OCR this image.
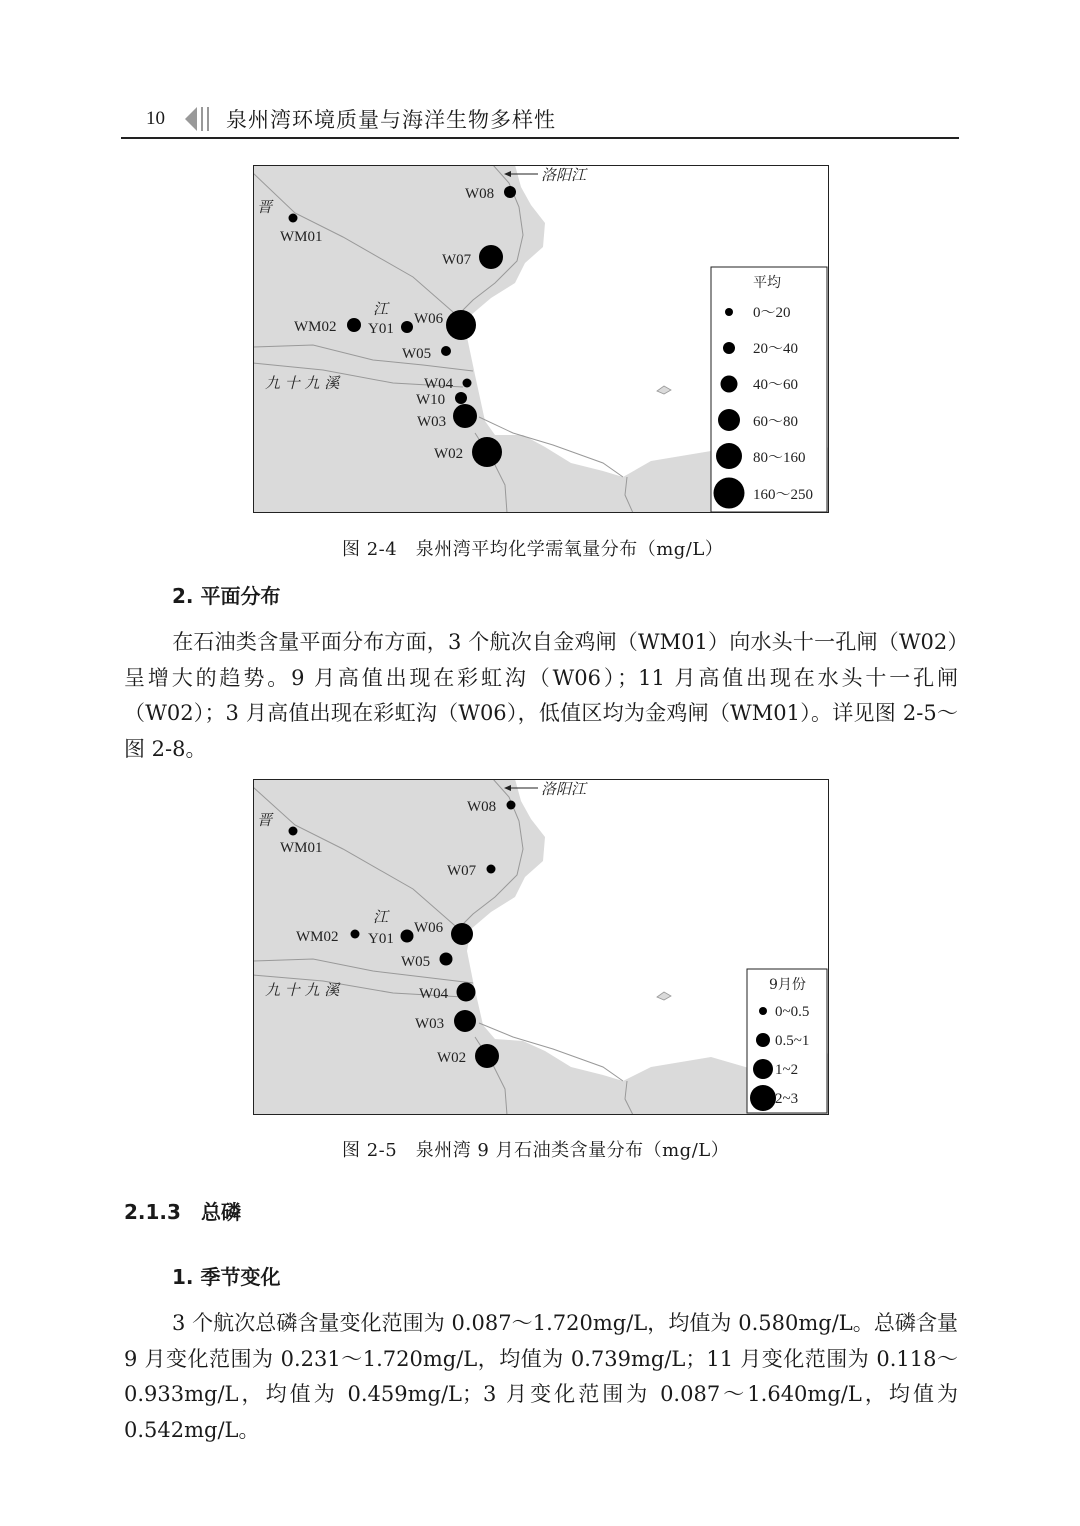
10	泉州湾环境质量与海洋生物多样性
洛阳江
晋
江
九 十 九 溪
W08
WM01
W07
WM02 Y01
W06
W05
W04
W10
W03
W02
平均
0～20
20～40
40～60
60～80
80～160
160～250
图 2-4　泉州湾平均化学需氧量分布（mg/L）
2. 平面分布
在石油类含量平面分布方面，3 个航次自金鸡闸（WM01）向水头十一孔闸（W02）呈增大的趋势。9 月高值出现在彩虹沟（W06）；11 月高值出现在水头十一孔闸（W02）；3 月高值出现在彩虹沟（W06），低值区均为金鸡闸（WM01）。详见图 2-5～图 2-8。
洛阳江
晋
江
九 十 九 溪
W08
WM01
W07
WM02 Y01
W06
W05
W04
W03
W02
9月份
0~0.5
0.5~1
1~2
2~3
图 2-5　泉州湾 9 月石油类含量分布（mg/L）
2.1.3　总磷
1. 季节变化
3 个航次总磷含量变化范围为 0.087～1.720mg/L，均值为 0.580mg/L。总磷含量 9 月变化范围为 0.231～1.720mg/L，均值为 0.739mg/L；11 月变化范围为 0.118～0.933mg/L，均值为 0.459mg/L；3 月变化范围为 0.087～1.640mg/L，均值为 0.542mg/L。
